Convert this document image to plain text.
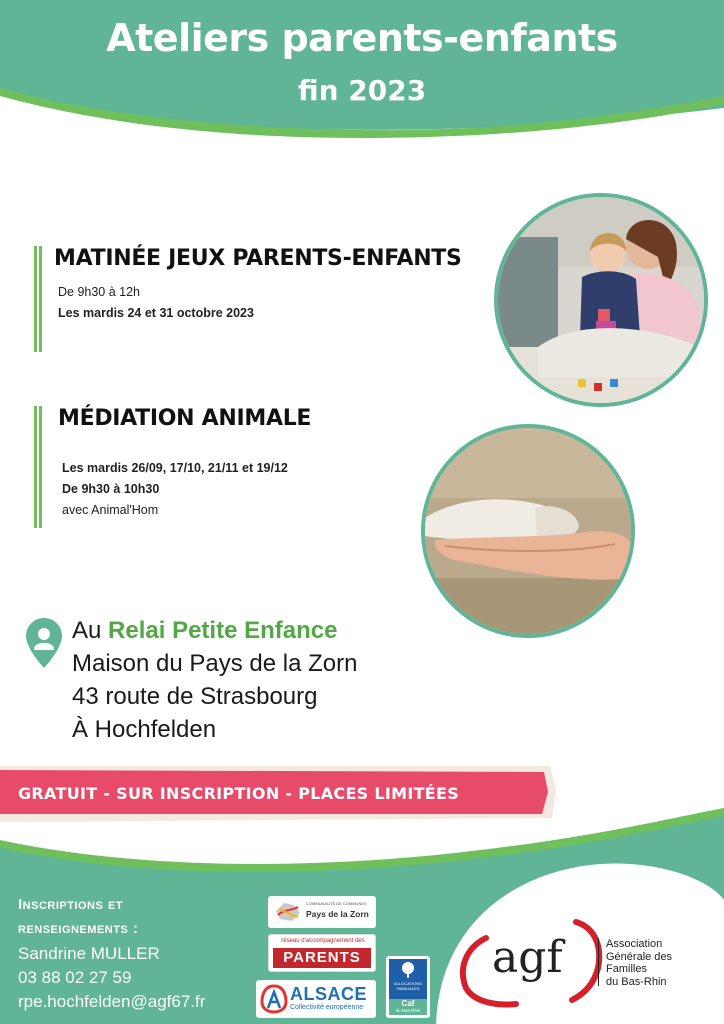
Ateliers parents-enfants
fin 2023
MATINÉE JEUX PARENTS-ENFANTS
De 9h30 à 12h
Les mardis 24 et 31 octobre 2023
MÉDIATION ANIMALE
Les mardis 26/09, 17/10, 21/11 et 19/12
De 9h30 à 10h30
avec Animal'Hom
Au Relai Petite Enfance
Maison du Pays de la Zorn
43 route de Strasbourg
À Hochfelden
GRATUIT - SUR INSCRIPTION - PLACES LIMITÉES
Inscriptions et
renseignements :
Sandrine MULLER
03 88 02 27 59
rpe.hochfelden@agf67.fr
COMMUNAUTÉ DE COMMUNES
Pays de la Zorn
réseau d'accompagnement des
PARENTS
ALSACE
Collectivité européenne
ALLOCATIONS FAMILIALES
Caf
du Bas-Rhin
agf	Association
Générale des
Familles
du Bas-Rhin
